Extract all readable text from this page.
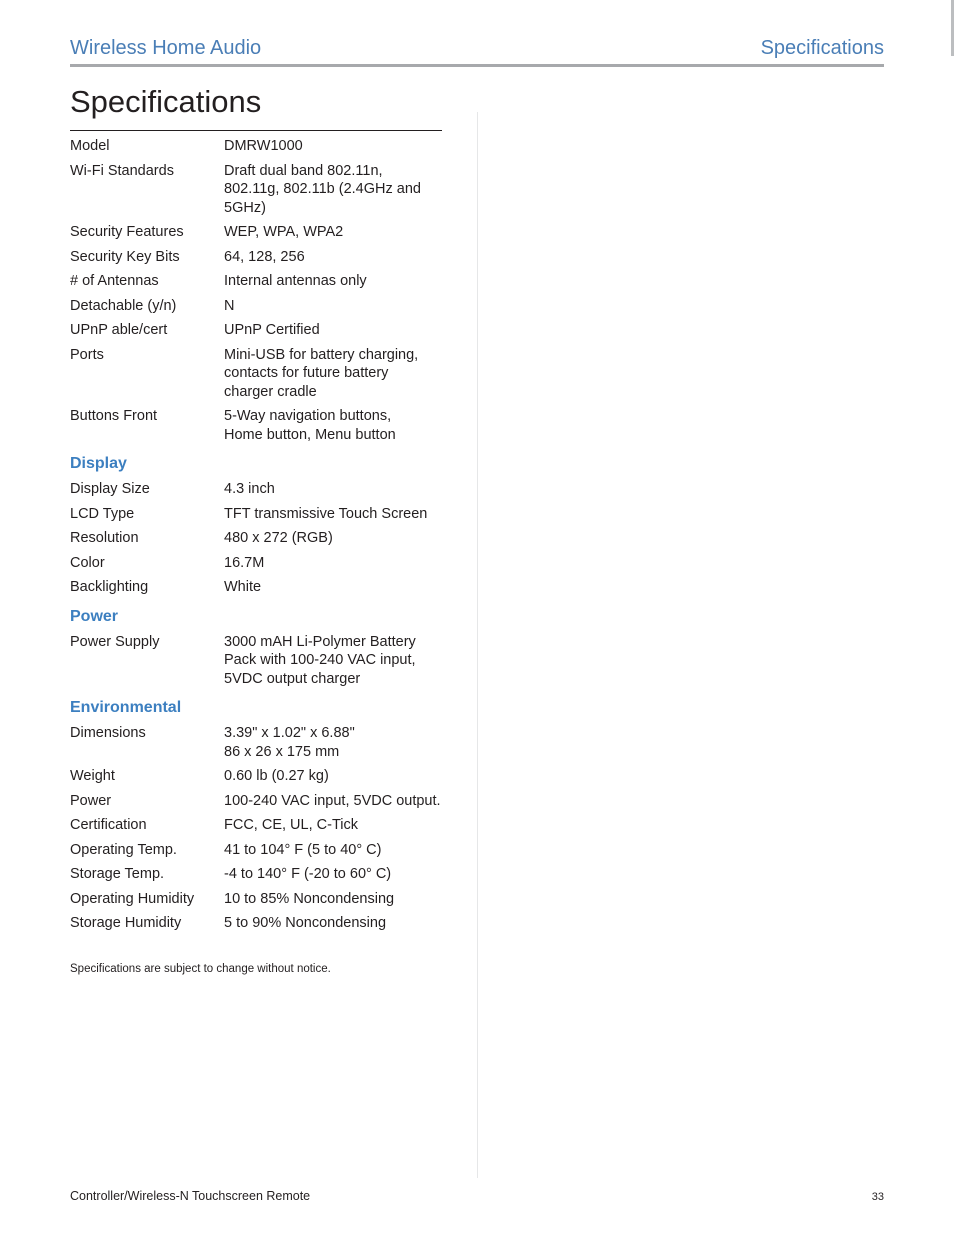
Wireless Home Audio	Specifications
Specifications
Model	DMRW1000
Wi-Fi Standards	Draft dual band 802.11n,
802.11g, 802.11b (2.4GHz and
5GHz)
Security Features	WEP, WPA, WPA2
Security Key Bits	64, 128, 256
# of Antennas	Internal antennas only
Detachable (y/n)	N
UPnP able/cert	UPnP Certified
Ports	Mini-USB for battery charging,
contacts for future battery
charger cradle
Buttons Front	5-Way navigation buttons,
Home button, Menu button
Display
Display Size	4.3 inch
LCD Type	TFT transmissive Touch Screen
Resolution	480 x 272 (RGB)
Color	16.7M
Backlighting	White
Power
Power Supply	3000 mAH Li-Polymer Battery
Pack with 100-240 VAC input,
5VDC output charger
Environmental
Dimensions	3.39" x 1.02" x 6.88"
86 x 26 x 175 mm
Weight	0.60 lb (0.27 kg)
Power	100-240 VAC input, 5VDC output.
Certification	FCC, CE, UL, C-Tick
Operating Temp.	41 to 104° F (5 to 40° C)
Storage Temp.	-4 to 140° F (-20 to 60° C)
Operating Humidity	10 to 85% Noncondensing
Storage Humidity	5 to 90% Noncondensing
Specifications are subject to change without notice.
Controller/Wireless-N Touchscreen Remote	33
